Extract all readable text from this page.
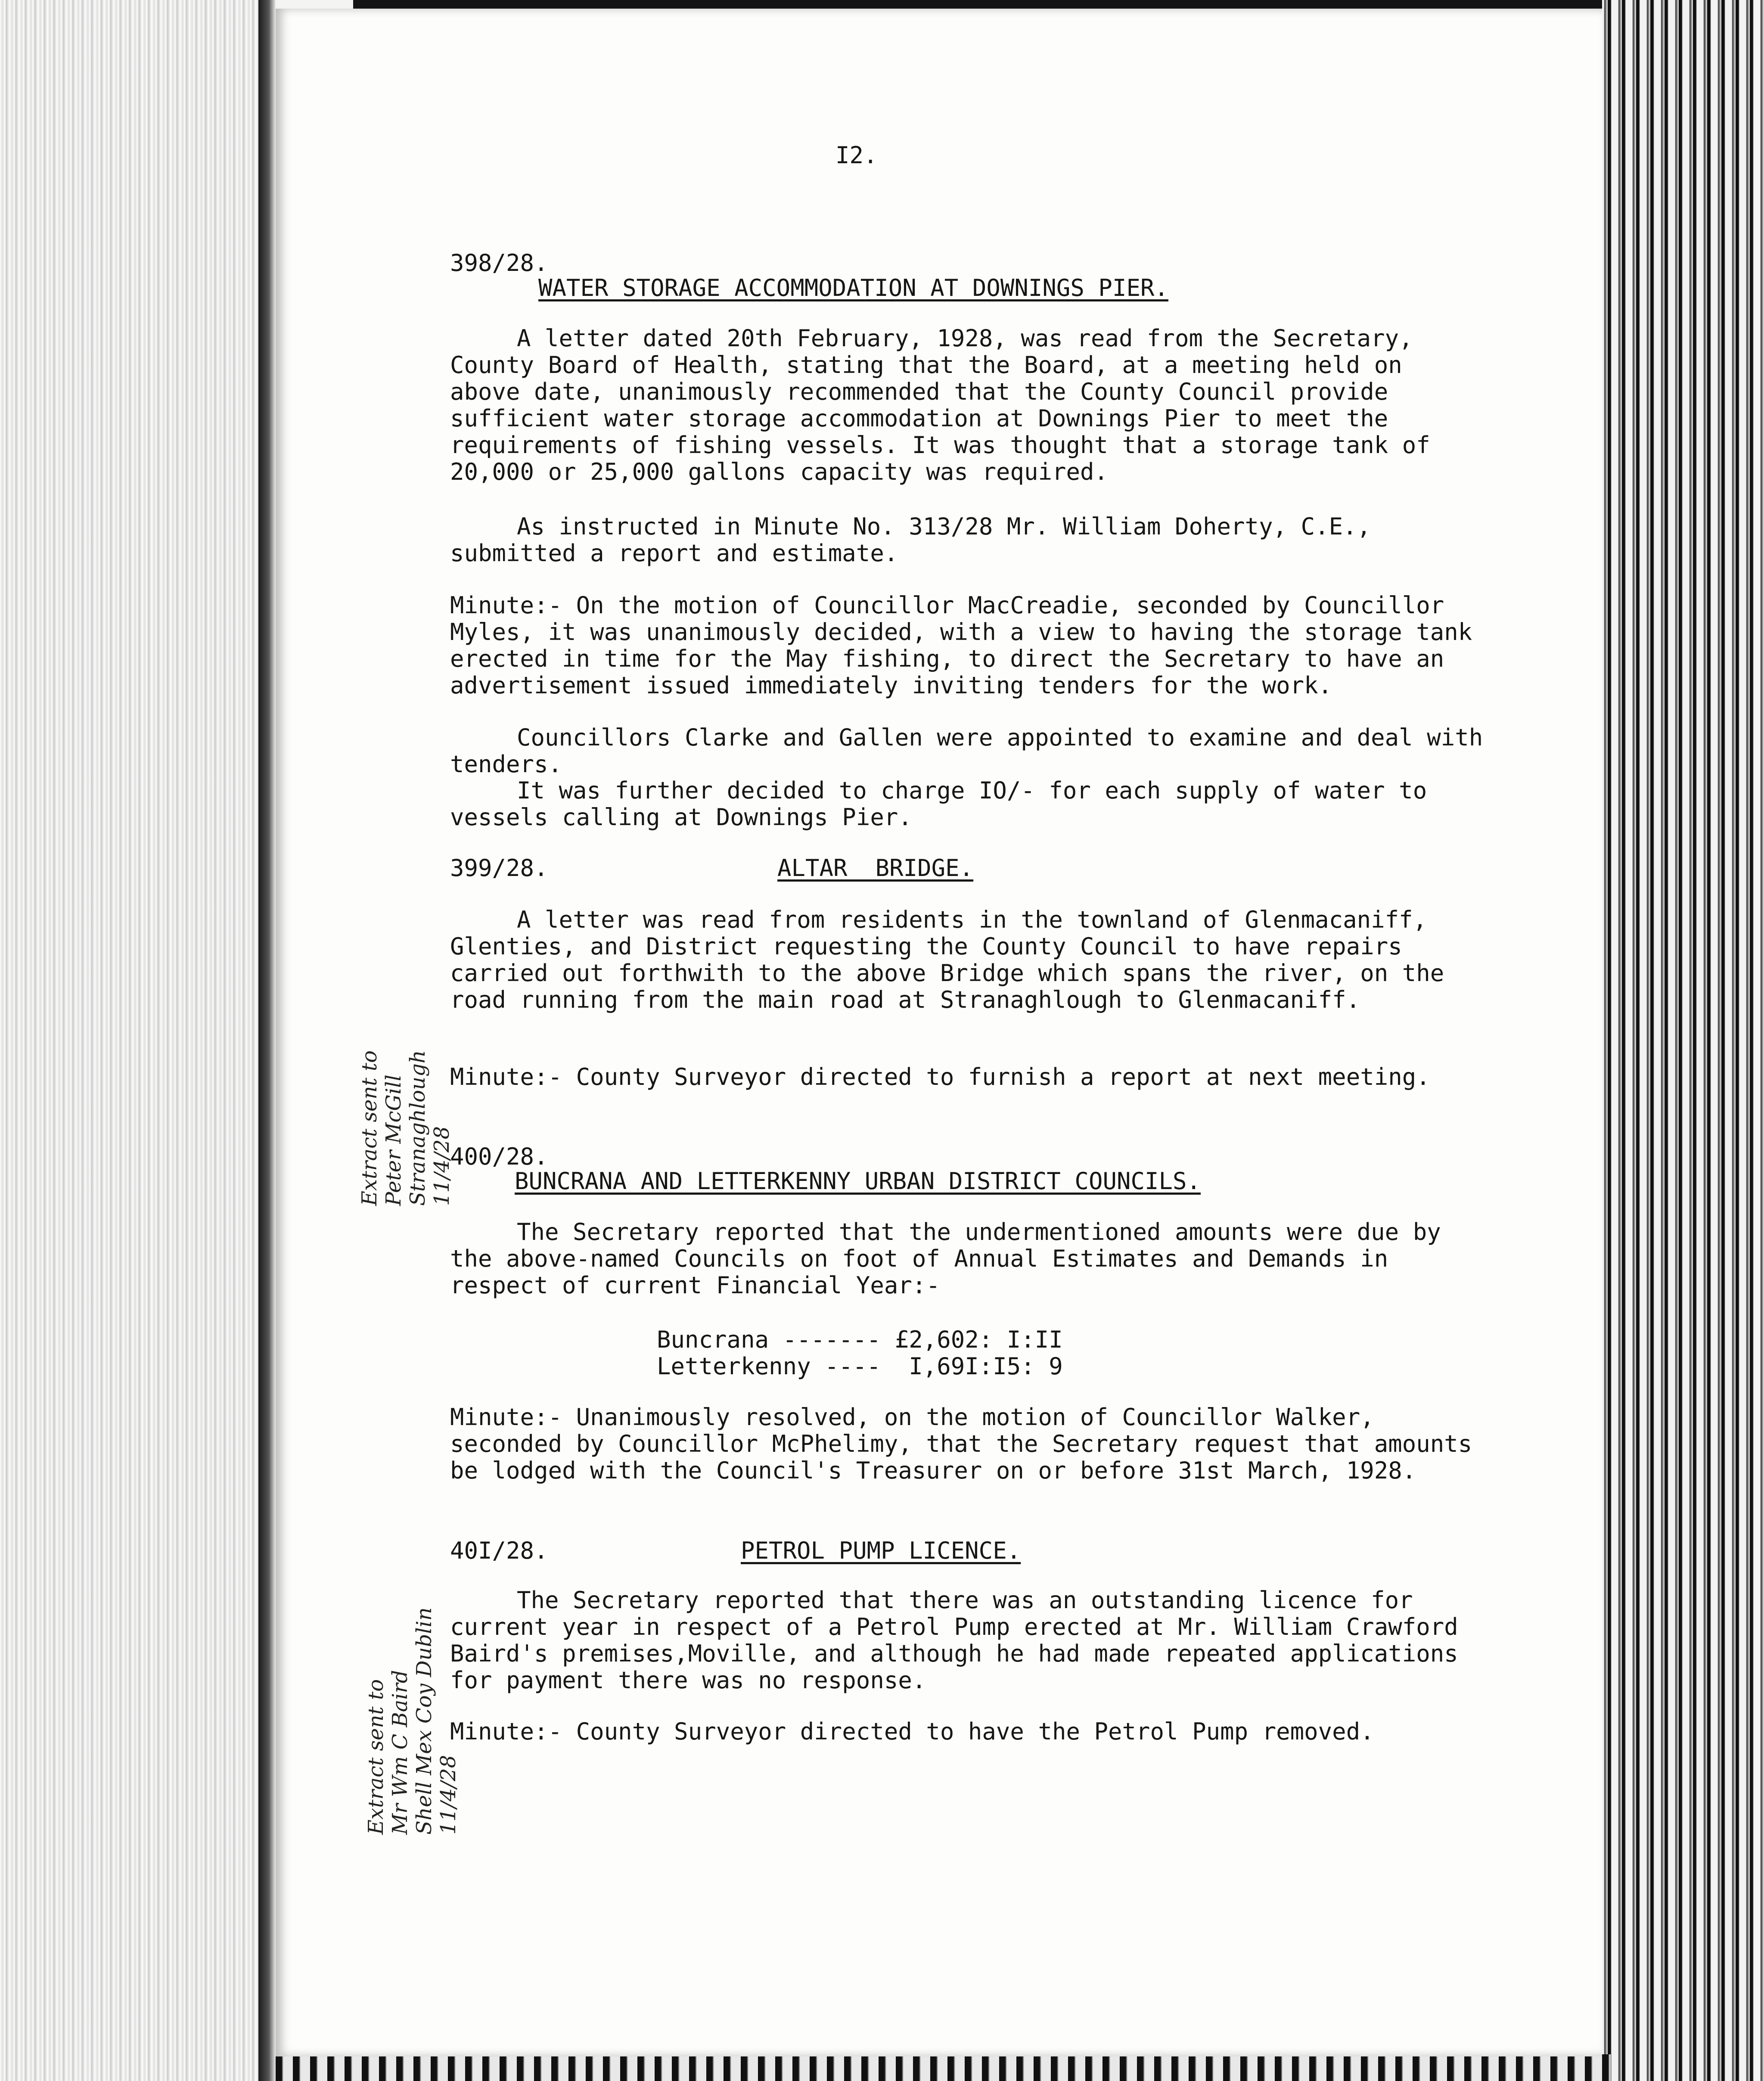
I2.
398/28.
WATER STORAGE ACCOMMODATION AT DOWNINGS PIER.
A letter dated 20th February, 1928, was read from the Secretary, County Board of Health, stating that the Board, at a meeting held on above date, unanimously recommended that the County Council provide sufficient water storage accommodation at Downings Pier to meet the requirements of fishing vessels. It was thought that a storage tank of 20,000 or 25,000 gallons capacity was required.
As instructed in Minute No. 313/28 Mr. William Doherty, C.E., submitted a report and estimate.
Minute:- On the motion of Councillor MacCreadie, seconded by Councillor Myles, it was unanimously decided, with a view to having the storage tank erected in time for the May fishing, to direct the Secretary to have an advertisement issued immediately inviting tenders for the work.
Councillors Clarke and Gallen were appointed to examine and deal with tenders.
It was further decided to charge IO/- for each supply of water to vessels calling at Downings Pier.
399/28.	ALTAR  BRIDGE.
A letter was read from residents in the townland of Glenmacaniff, Glenties, and District requesting the County Council to have repairs carried out forthwith to the above Bridge which spans the river, on the road running from the main road at Stranaghlough to Glenmacaniff.
Minute:- County Surveyor directed to furnish a report at next meeting.
Extract sent to
Peter McGill
Stranaghlough
11/4/28
400/28.
BUNCRANA AND LETTERKENNY URBAN DISTRICT COUNCILS.
The Secretary reported that the undermentioned amounts were due by the above-named Councils on foot of Annual Estimates and Demands in respect of current Financial Year:-
Buncrana ------- £2,602: I:II
Letterkenny ----  I,69I:I5: 9
Minute:- Unanimously resolved, on the motion of Councillor Walker, seconded by Councillor McPhelimy, that the Secretary request that amounts be lodged with the Council's Treasurer on or before 31st March, 1928.
40I/28.	PETROL PUMP LICENCE.
The Secretary reported that there was an outstanding licence for current year in respect of a Petrol Pump erected at Mr. William Crawford Baird's premises,Moville, and although he had made repeated applications for payment there was no response.
Minute:- County Surveyor directed to have the Petrol Pump removed.
Extract sent to
Mr Wm C Baird
Shell Mex Coy Dublin
11/4/28
